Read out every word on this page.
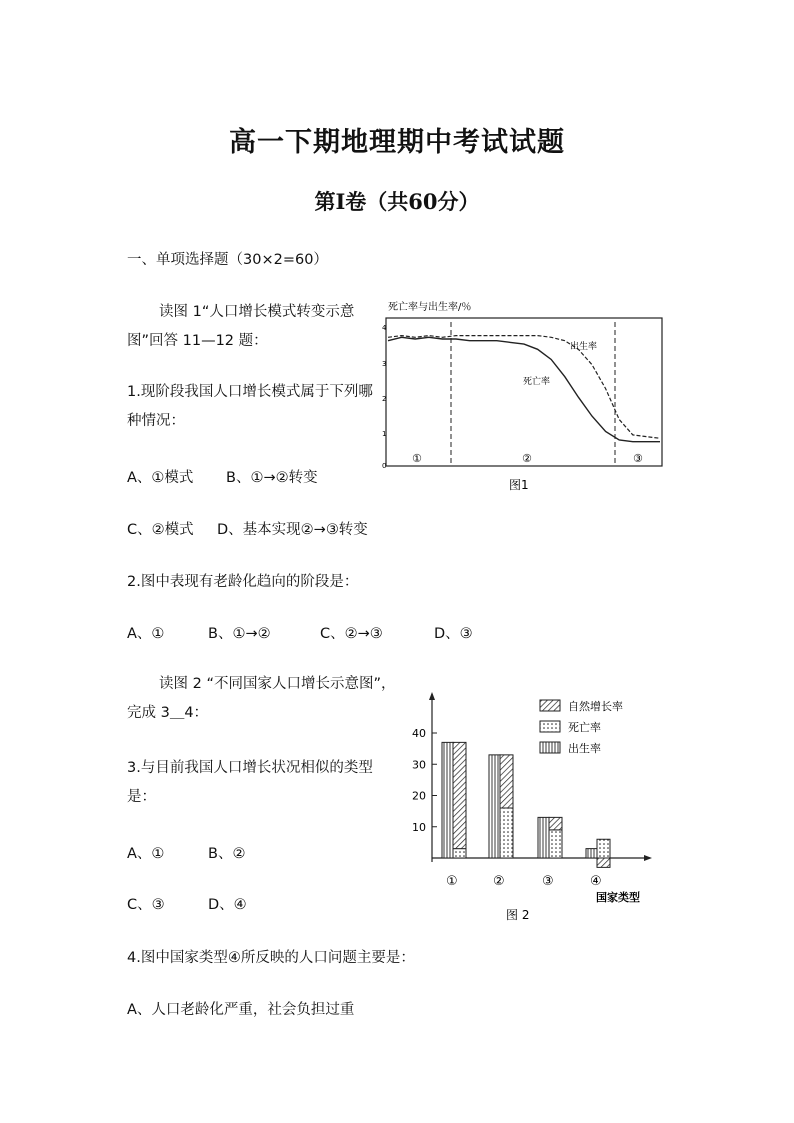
高一下期地理期中考试试题
第Ⅰ卷（共60分）
一、单项选择题（30×2=60）
读图 1“人口增长模式转变示意图”回答 11—12 题：
1.现阶段我国人口增长模式属于下列哪种情况：
A、①模式 B、①→②转变
C、②模式 D、基本实现②→③转变
2.图中表现有老龄化趋向的阶段是：
A、①	B、①→②	C、②→③	D、③
读图 2 “不同国家人口增长示意图”，完成 3＿4：
3.与目前我国人口增长状况相似的类型是：
A、①	B、②
C、③	D、④
4.图中国家类型④所反映的人口问题主要是：
A、人口老龄化严重，社会负担过重
死亡率与出生率/％
4
3
2
1
0
出生率
死亡率
①	②	③
图1
40
30
20
10
①	②	③	④
自然增长率
死亡率
出生率
国家类型
图 2
